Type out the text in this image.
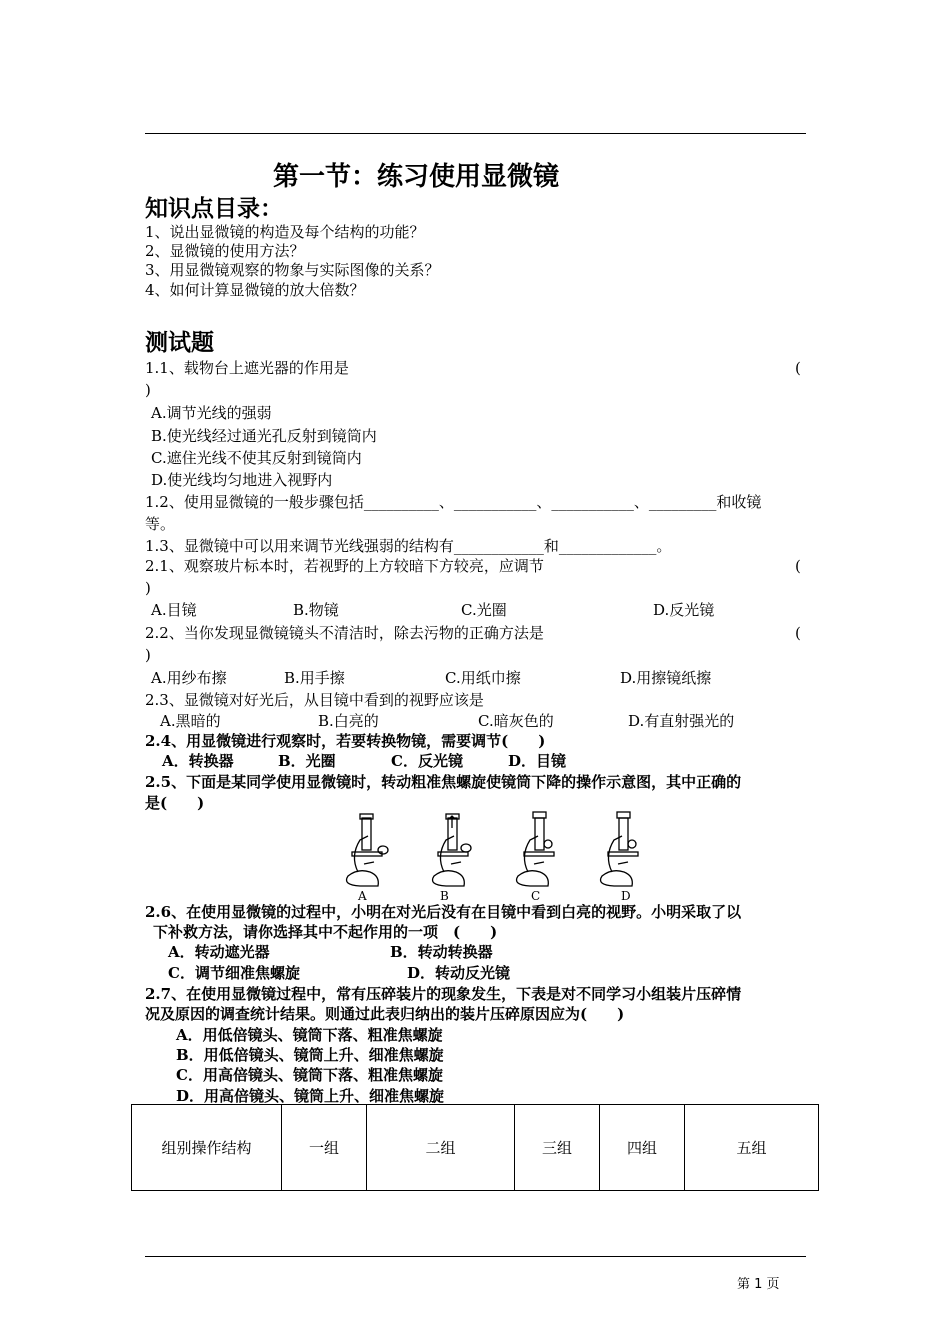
第一节：练习使用显微镜
知识点目录：
1、说出显微镜的构造及每个结构的功能？
2、显微镜的使用方法？
3、用显微镜观察的物象与实际图像的关系？
4、如何计算显微镜的放大倍数？
测试题
1.1、载物台上遮光器的作用是	(
)
A.调节光线的强弱
B.使光线经过通光孔反射到镜筒内
C.遮住光线不使其反射到镜筒内
D.使光线均匀地进入视野内
1.2、使用显微镜的一般步骤包括__________、___________、___________、_________和收镜
等。
1.3、显微镜中可以用来调节光线强弱的结构有____________和_____________。
2.1、观察玻片标本时，若视野的上方较暗下方较亮，应调节	(
)
A.目镜	B.物镜	C.光圈	D.反光镜
2.2、当你发现显微镜镜头不清洁时，除去污物的正确方法是	(
)
A.用纱布擦	B.用手擦	C.用纸巾擦	D.用擦镜纸擦
2.3、显微镜对好光后，从目镜中看到的视野应该是
A.黑暗的	B.白亮的	C.暗灰色的	D.有直射强光的
2.4、用显微镜进行观察时，若要转换物镜，需要调节(　　)
A．转换器	B．光圈	C．反光镜	D．目镜
2.5、下面是某同学使用显微镜时，转动粗准焦螺旋使镜筒下降的操作示意图，其中正确的
是(　　)
A	B	C	D
2.6、在使用显微镜的过程中，小明在对光后没有在目镜中看到白亮的视野。小明采取了以
下补救方法，请你选择其中不起作用的一项　(　　)
A．转动遮光器	B．转动转换器
C．调节细准焦螺旋	D．转动反光镜
2.7、在使用显微镜过程中，常有压碎装片的现象发生，下表是对不同学习小组装片压碎情
况及原因的调查统计结果。则通过此表归纳出的装片压碎原因应为(　　)
A．用低倍镜头、镜筒下落、粗准焦螺旋
B．用低倍镜头、镜筒上升、细准焦螺旋
C．用高倍镜头、镜筒下落、粗准焦螺旋
D．用高倍镜头、镜筒上升、细准焦螺旋
组别操作结构	一组	二组	三组	四组	五组
第 1 页
